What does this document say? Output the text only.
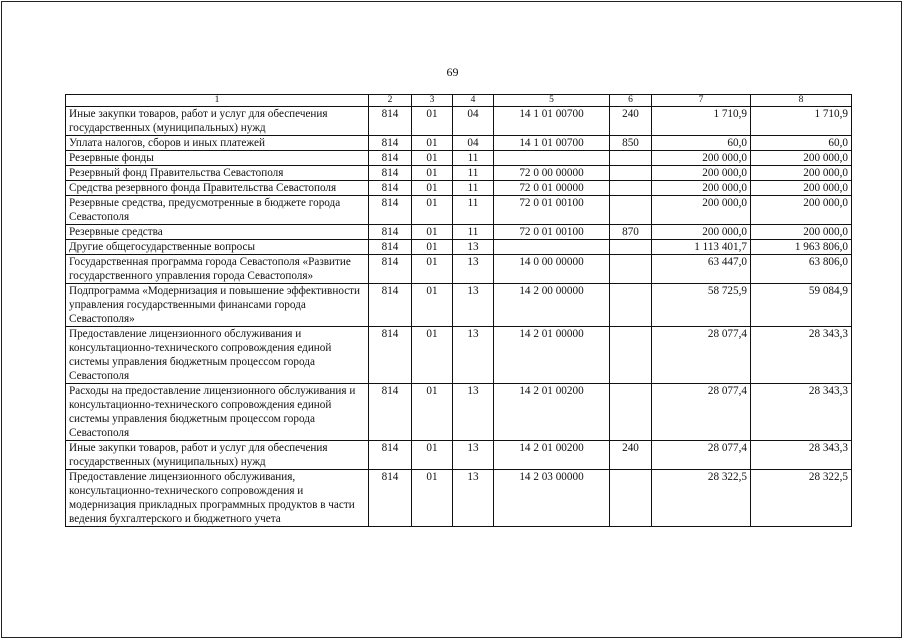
69
1	2	3	4	5	6	7	8
Иные закупки товаров, работ и услуг для обеспечения государственных (муниципальных) нужд	814	01	04	14 1 01 00700	240	1 710,9	1 710,9
Уплата налогов, сборов и иных платежей	814	01	04	14 1 01 00700	850	60,0	60,0
Резервные фонды	814	01	11			200 000,0	200 000,0
Резервный фонд Правительства Севастополя	814	01	11	72 0 00 00000		200 000,0	200 000,0
Средства резервного фонда Правительства Севастополя	814	01	11	72 0 01 00000		200 000,0	200 000,0
Резервные средства, предусмотренные в бюджете города Севастополя	814	01	11	72 0 01 00100		200 000,0	200 000,0
Резервные средства	814	01	11	72 0 01 00100	870	200 000,0	200 000,0
Другие общегосударственные вопросы	814	01	13			1 113 401,7	1 963 806,0
Государственная программа города Севастополя «Развитие государственного управления города Севастополя»	814	01	13	14 0 00 00000		63 447,0	63 806,0
Подпрограмма «Модернизация и повышение эффективности управления государственными финансами города Севастополя»	814	01	13	14 2 00 00000		58 725,9	59 084,9
Предоставление лицензионного обслуживания и консультационно-технического сопровождения единой системы управления бюджетным процессом города Севастополя	814	01	13	14 2 01 00000		28 077,4	28 343,3
Расходы на предоставление лицензионного обслуживания и консультационно-технического сопровождения единой системы управления бюджетным процессом города Севастополя	814	01	13	14 2 01 00200		28 077,4	28 343,3
Иные закупки товаров, работ и услуг для обеспечения государственных (муниципальных) нужд	814	01	13	14 2 01 00200	240	28 077,4	28 343,3
Предоставление лицензионного обслуживания, консультационно-технического сопровождения и модернизация прикладных программных продуктов в части ведения бухгалтерского и бюджетного учета	814	01	13	14 2 03 00000		28 322,5	28 322,5
